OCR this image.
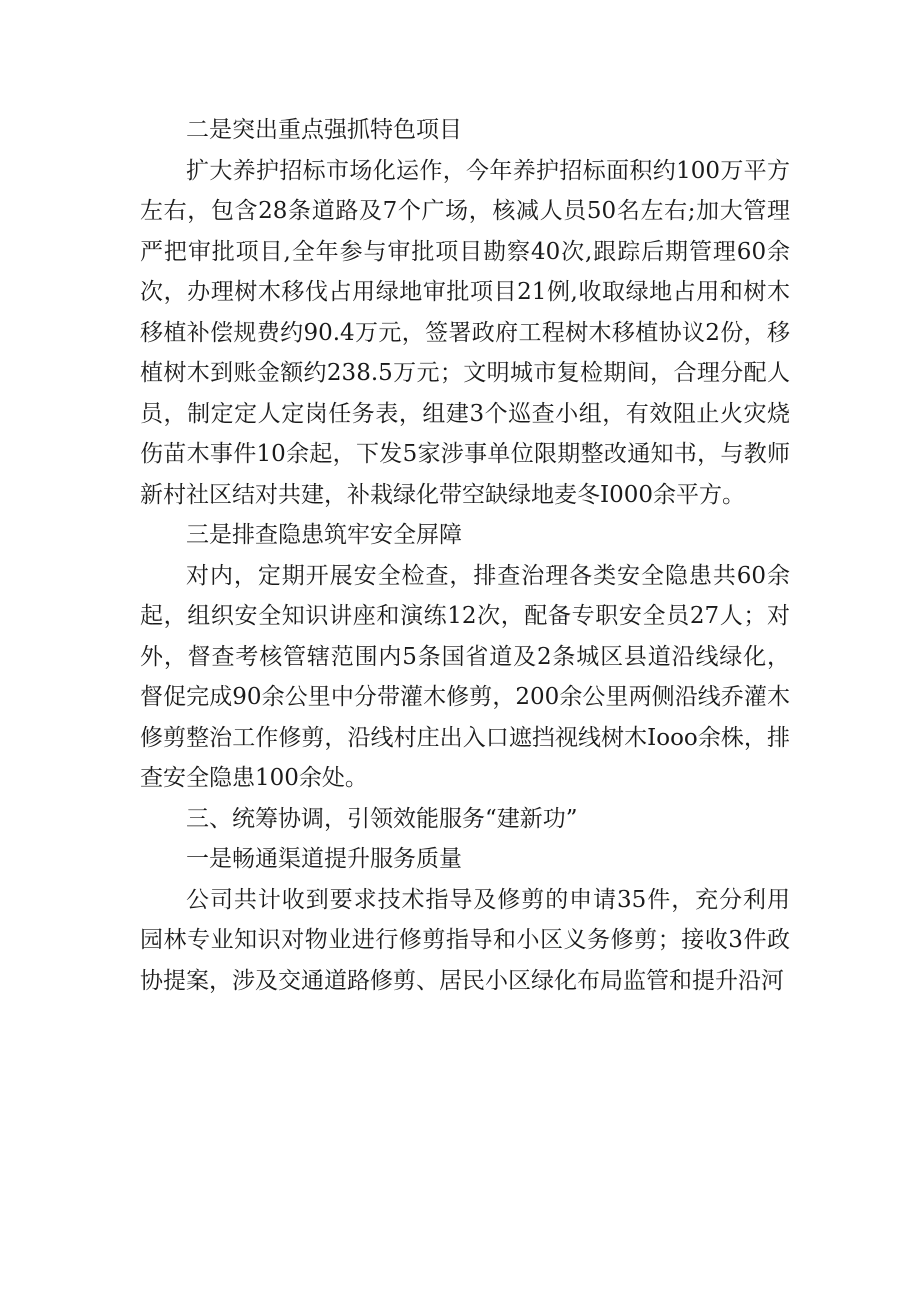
二是突出重点强抓特色项目

扩大养护招标市场化运作，今年养护招标面积约100万平方左右，包含28条道路及7个广场，核减人员50名左右;加大管理严把审批项目,全年参与审批项目勘察40次,跟踪后期管理60余次，办理树木移伐占用绿地审批项目21例,收取绿地占用和树木移植补偿规费约90.4万元，签署政府工程树木移植协议2份，移植树木到账金额约238.5万元；文明城市复检期间，合理分配人员，制定定人定岗任务表，组建3个巡查小组，有效阻止火灾烧伤苗木事件10余起，下发5家涉事单位限期整改通知书，与教师新村社区结对共建，补栽绿化带空缺绿地麦冬I000余平方。

三是排查隐患筑牢安全屏障

对内，定期开展安全检查，排查治理各类安全隐患共60余起，组织安全知识讲座和演练12次，配备专职安全员27人；对外，督查考核管辖范围内5条国省道及2条城区县道沿线绿化，督促完成90余公里中分带灌木修剪，200余公里两侧沿线乔灌木修剪整治工作修剪，沿线村庄出入口遮挡视线树木Iooo余株，排查安全隐患100余处。

三、统筹协调，引领效能服务“建新功”

一是畅通渠道提升服务质量

公司共计收到要求技术指导及修剪的申请35件，充分利用园林专业知识对物业进行修剪指导和小区义务修剪；接收3件政协提案，涉及交通道路修剪、居民小区绿化布局监管和提升沿河
